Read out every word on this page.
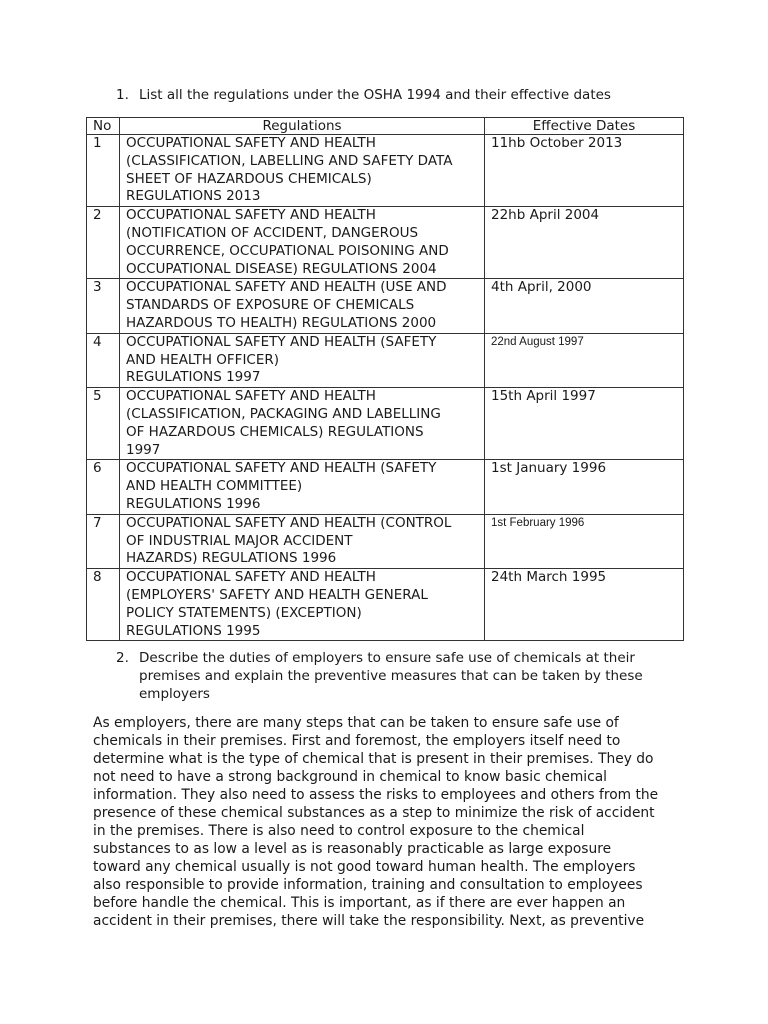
1. List all the regulations under the OSHA 1994 and their effective dates
No	Regulations	Effective Dates
1	OCCUPATIONAL SAFETY AND HEALTH
(CLASSIFICATION, LABELLING AND SAFETY DATA
SHEET OF HAZARDOUS CHEMICALS)
REGULATIONS 2013	11hb October 2013
2	OCCUPATIONAL SAFETY AND HEALTH
(NOTIFICATION OF ACCIDENT, DANGEROUS
OCCURRENCE, OCCUPATIONAL POISONING AND
OCCUPATIONAL DISEASE) REGULATIONS 2004	22hb April 2004
3	OCCUPATIONAL SAFETY AND HEALTH (USE AND
STANDARDS OF EXPOSURE OF CHEMICALS
HAZARDOUS TO HEALTH) REGULATIONS 2000	4th April, 2000
4	OCCUPATIONAL SAFETY AND HEALTH (SAFETY
AND HEALTH OFFICER)
REGULATIONS 1997	22nd August 1997
5	OCCUPATIONAL SAFETY AND HEALTH
(CLASSIFICATION, PACKAGING AND LABELLING
OF HAZARDOUS CHEMICALS) REGULATIONS
1997	15th April 1997
6	OCCUPATIONAL SAFETY AND HEALTH (SAFETY
AND HEALTH COMMITTEE)
REGULATIONS 1996	1st January 1996
7	OCCUPATIONAL SAFETY AND HEALTH (CONTROL
OF INDUSTRIAL MAJOR ACCIDENT
HAZARDS) REGULATIONS 1996	1st February 1996
8	OCCUPATIONAL SAFETY AND HEALTH
(EMPLOYERS' SAFETY AND HEALTH GENERAL
POLICY STATEMENTS) (EXCEPTION)
REGULATIONS 1995	24th March 1995
2. Describe the duties of employers to ensure safe use of chemicals at their premises and explain the preventive measures that can be taken by these employers
As employers, there are many steps that can be taken to ensure safe use of
chemicals in their premises. First and foremost, the employers itself need to
determine what is the type of chemical that is present in their premises. They do
not need to have a strong background in chemical to know basic chemical
information. They also need to assess the risks to employees and others from the
presence of these chemical substances as a step to minimize the risk of accident
in the premises. There is also need to control exposure to the chemical
substances to as low a level as is reasonably practicable as large exposure
toward any chemical usually is not good toward human health. The employers
also responsible to provide information, training and consultation to employees
before handle the chemical. This is important, as if there are ever happen an
accident in their premises, there will take the responsibility. Next, as preventive
